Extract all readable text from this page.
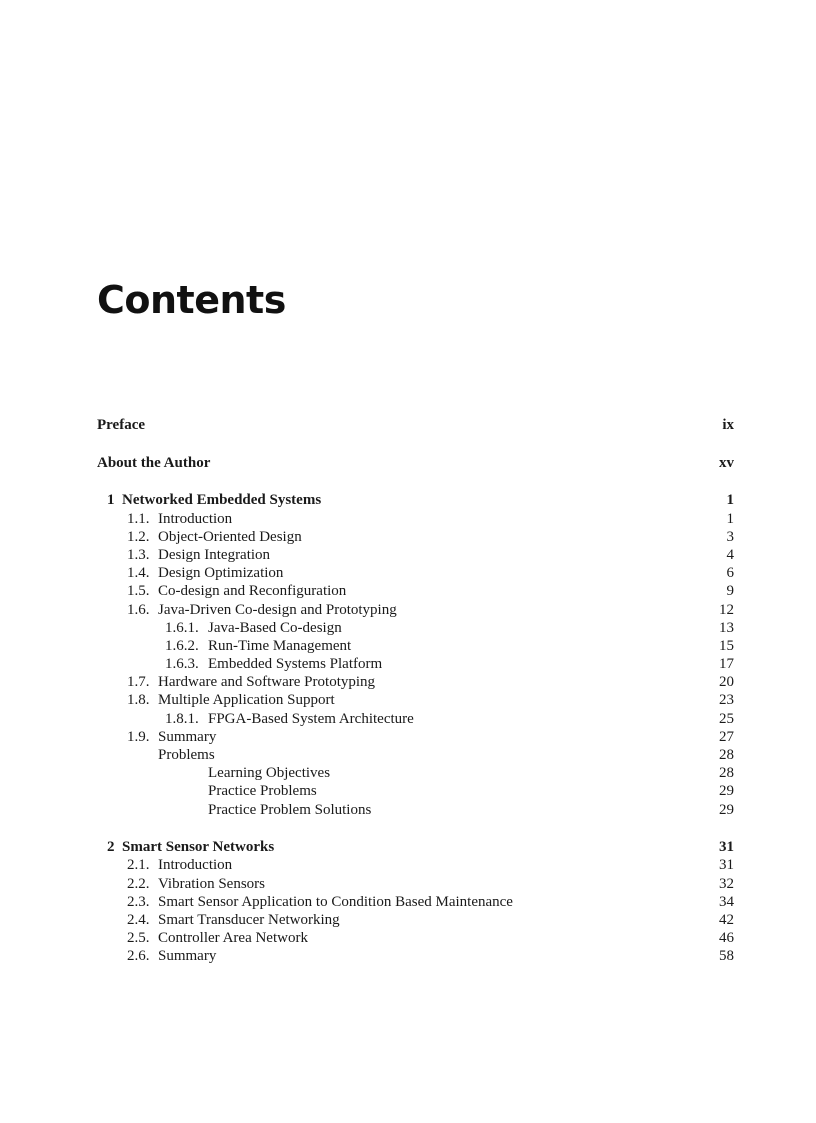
Contents
Preface	ix
About the Author	xv
1 Networked Embedded Systems	1
1.1. Introduction	1
1.2. Object-Oriented Design	3
1.3. Design Integration	4
1.4. Design Optimization	6
1.5. Co-design and Reconfiguration	9
1.6. Java-Driven Co-design and Prototyping	12
1.6.1. Java-Based Co-design	13
1.6.2. Run-Time Management	15
1.6.3. Embedded Systems Platform	17
1.7. Hardware and Software Prototyping	20
1.8. Multiple Application Support	23
1.8.1. FPGA-Based System Architecture	25
1.9. Summary	27
Problems	28
Learning Objectives	28
Practice Problems	29
Practice Problem Solutions	29
2 Smart Sensor Networks	31
2.1. Introduction	31
2.2. Vibration Sensors	32
2.3. Smart Sensor Application to Condition Based Maintenance	34
2.4. Smart Transducer Networking	42
2.5. Controller Area Network	46
2.6. Summary	58
